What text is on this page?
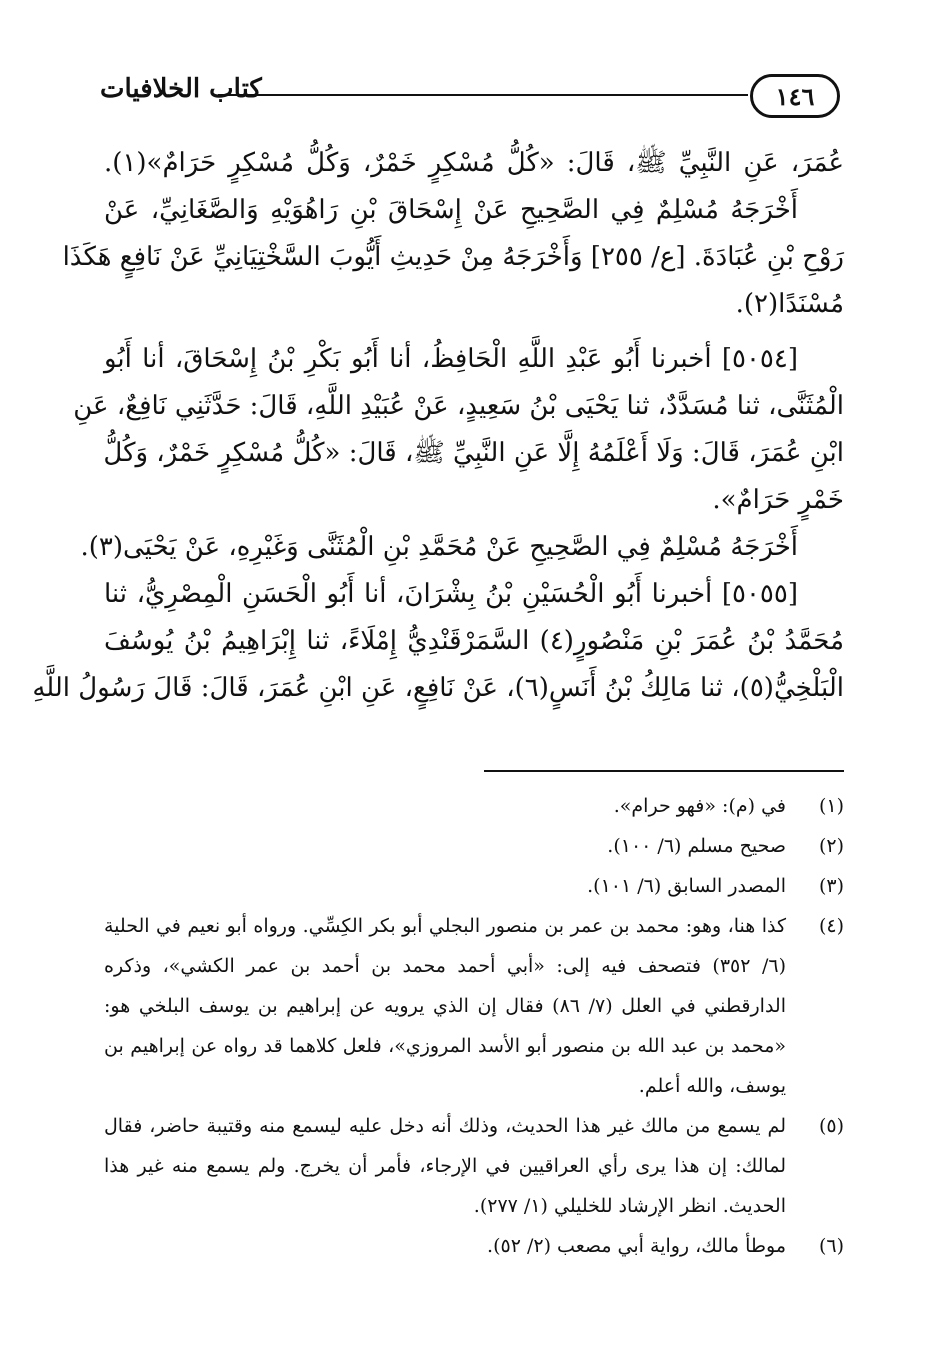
١٤٦
كتاب الخلافيات
عُمَرَ، عَنِ النَّبِيِّ ﷺ، قَالَ: «كُلُّ مُسْكِرٍ خَمْرٌ، وَكُلُّ مُسْكِرٍ حَرَامٌ»(١).
أَخْرَجَهُ مُسْلِمٌ فِي الصَّحِيحِ عَنْ إِسْحَاقَ بْنِ رَاهُوَيْهِ وَالصَّغَانِيِّ، عَنْ
رَوْحِ بْنِ عُبَادَةَ. [ع/ ٢٥٥] وَأَخْرَجَهُ مِنْ حَدِيثِ أَيُّوبَ السَّخْتِيَانِيِّ عَنْ نَافِعٍ هَكَذَا
مُسْنَدًا(٢).
[٥٠٥٤] أخبرنا أَبُو عَبْدِ اللَّهِ الْحَافِظُ، أنا أَبُو بَكْرِ بْنُ إِسْحَاقَ، أنا أَبُو
الْمُثَنَّى، ثنا مُسَدَّدٌ، ثنا يَحْيَى بْنُ سَعِيدٍ، عَنْ عُبَيْدِ اللَّهِ، قَالَ: حَدَّثَنِي نَافِعٌ، عَنِ
ابْنِ عُمَرَ، قَالَ: وَلَا أَعْلَمُهُ إِلَّا عَنِ النَّبِيِّ ﷺ، قَالَ: «كُلُّ مُسْكِرٍ خَمْرٌ، وَكُلُّ
خَمْرٍ حَرَامٌ».
أَخْرَجَهُ مُسْلِمٌ فِي الصَّحِيحِ عَنْ مُحَمَّدِ بْنِ الْمُثَنَّى وَغَيْرِهِ، عَنْ يَحْيَى(٣).
[٥٠٥٥] أخبرنا أَبُو الْحُسَيْنِ بْنُ بِشْرَانَ، أنا أَبُو الْحَسَنِ الْمِصْرِيُّ، ثنا
مُحَمَّدُ بْنُ عُمَرَ بْنِ مَنْصُورٍ(٤) السَّمَرْقَنْدِيُّ إِمْلَاءً، ثنا إِبْرَاهِيمُ بْنُ يُوسُفَ
الْبَلْخِيُّ(٥)، ثنا مَالِكُ بْنُ أَنَسٍ(٦)، عَنْ نَافِعٍ، عَنِ ابْنِ عُمَرَ، قَالَ: قَالَ رَسُولُ اللَّهِ
(١)
في (م): «فهو حرام».
(٢)
صحيح مسلم (٦/ ١٠٠).
(٣)
المصدر السابق (٦/ ١٠١).
(٤)
كذا هنا، وهو: محمد بن عمر بن منصور البجلي أبو بكر الكِسِّي. ورواه أبو نعيم في الحلية
(٦/ ٣٥٢) فتصحف فيه إلى: «أبي أحمد محمد بن أحمد بن عمر الكشي»، وذكره
الدارقطني في العلل (٧/ ٨٦) فقال إن الذي يرويه عن إبراهيم بن يوسف البلخي هو:
«محمد بن عبد الله بن منصور أبو الأسد المروزي»، فلعل كلاهما قد رواه عن إبراهيم بن
يوسف، والله أعلم.
(٥)
لم يسمع من مالك غير هذا الحديث، وذلك أنه دخل عليه ليسمع منه وقتيبة حاضر، فقال
لمالك: إن هذا يرى رأي العراقيين في الإرجاء، فأمر أن يخرج. ولم يسمع منه غير هذا
الحديث. انظر الإرشاد للخليلي (١/ ٢٧٧).
(٦)
موطأ مالك، رواية أبي مصعب (٢/ ٥٢).
